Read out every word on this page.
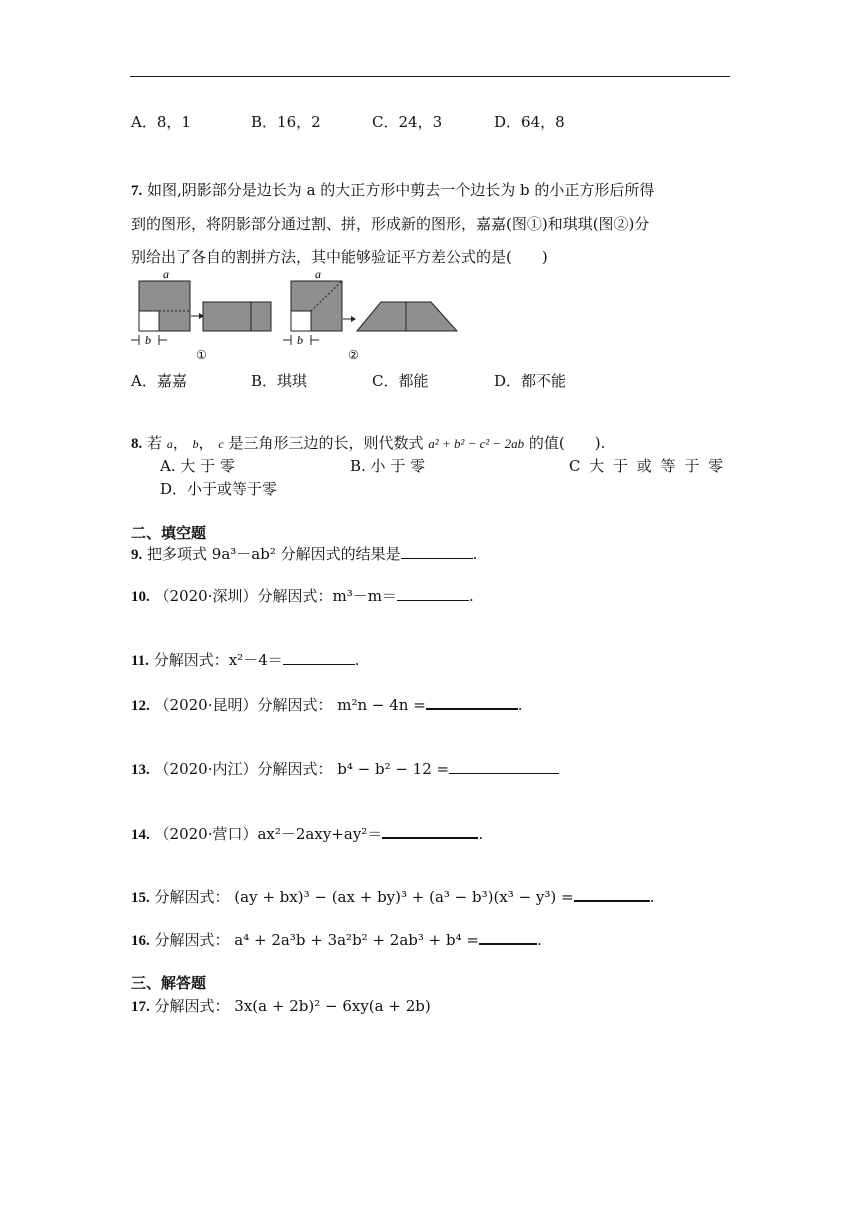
A．8，1	B．16，2	C．24，3	D．64，8
7. 如图,阴影部分是边长为 a 的大正方形中剪去一个边长为 b 的小正方形后所得
到的图形，将阴影部分通过割、拼，形成新的图形，嘉嘉(图①)和琪琪(图②)分
别给出了各自的割拼方法，其中能够验证平方差公式的是(　　)
a
b
a
b
①	②
A．嘉嘉	B．琪琪	C．都能	D．都不能
8. 若 a， b， c 是三角形三边的长，则代数式 a² + b² − c² − 2ab 的值(　　).
A. 大 于 零	B. 小 于 零	C 大 于 或 等 于 零
D．小于或等于零
二、填空题
9. 把多项式 9a³－ab² 分解因式的结果是	.
10. （2020·深圳）分解因式：m³－m＝	.
11. 分解因式：x²－4＝	.
12. （2020·昆明）分解因式： m²n − 4n =	.
13. （2020·内江）分解因式： b⁴ − b² − 12 =
14. （2020·营口）ax²－2axy+ay²＝	.
15. 分解因式： (ay + bx)³ − (ax + by)³ + (a³ − b³)(x³ − y³) =	.
16. 分解因式： a⁴ + 2a³b + 3a²b² + 2ab³ + b⁴ =	.
三、解答题
17. 分解因式： 3x(a + 2b)² − 6xy(a + 2b)
